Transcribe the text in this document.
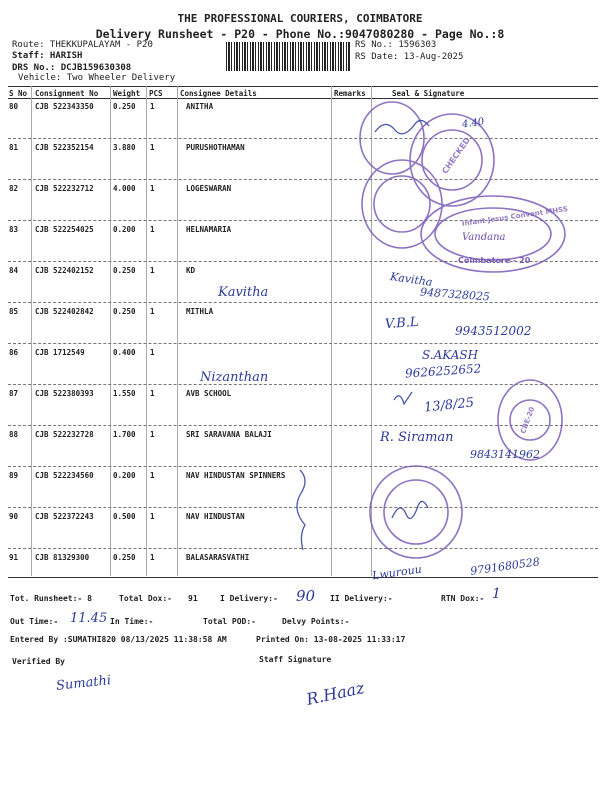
THE PROFESSIONAL COURIERS, COIMBATORE
Delivery Runsheet - P20 - Phone No.:9047080280 - Page No.:8
Route: THEKKUPALAYAM - P20
Staff: HARISH
DRS No.: DCJB159630308
Vehicle: Two Wheeler Delivery
RS No.: 1596303
RS Date: 13-Aug-2025
S No Consignment No Weight PCS Consignee Details	Remarks	Seal & Signature
80 CJB 522343350	0.250 1	ANITHA
81 CJB 522352154	3.880 1	PURUSHOTHAMAN
82 CJB 522232712	4.000 1	LOGESWARAN
83 CJB 522254025	0.200 1	HELNAMARIA
84 CJB 522402152	0.250 1	KD
85 CJB 522402842	0.250 1	MITHLA
86 CJB 1712549	0.400 1
87 CJB 522380393	1.550 1	AVB SCHOOL
88 CJB 522232728	1.700 1	SRI SARAVANA BALAJI
89 CJB 522234560	0.200 1	NAV HINDUSTAN SPINNERS
90 CJB 522372243	0.500 1	NAV HINDUSTAN
91 CJB 81329300	0.250 1	BALASARASVATHI
CHECKED
Infant Jesus Convent MHSS
CBE-20
4.40
Kavitha
Kavitha
9487328025
V.B.L	9943512002
Nizanthan
S.AKASH
9626252652
13/8/25
R. Siraman
9843141962
Vandana
Coimbatore - 20
Lwurouu	9791680528
Tot. Runsheet:- 8	Total Dox:- 91	I Delivery:- 90 II Delivery:-	RTN Dox:- 1
Out Time:- 11.45 In Time:-	Total POD:-	Delvy Points:-
Entered By :SUMATHI820 08/13/2025 11:38:58 AM	Printed On: 13-08-2025 11:33:17
Verified By	Staff Signature
Sumathi	R.Haaz
